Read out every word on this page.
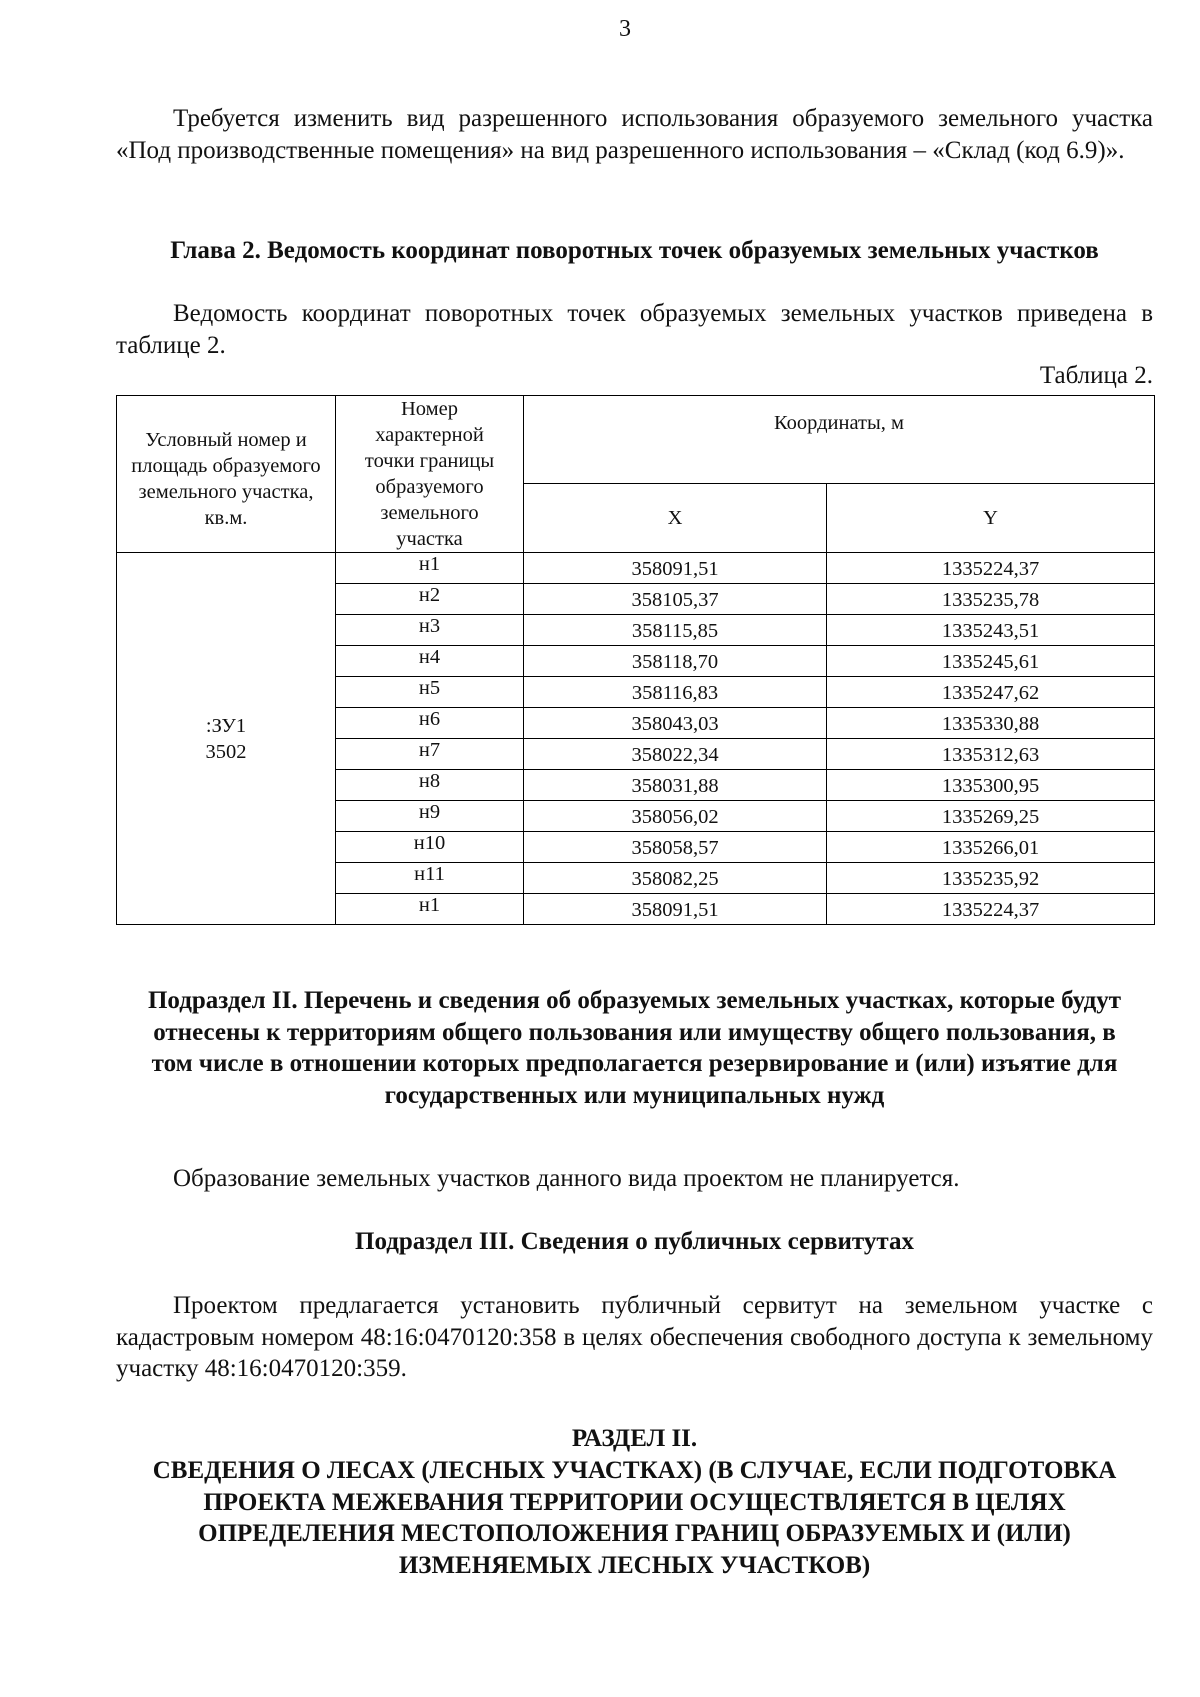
3

Требуется изменить вид разрешенного использования образуемого земельного участка «Под производственные помещения» на вид разрешенного использования – «Склад (код 6.9)».

Глава 2. Ведомость координат поворотных точек образуемых земельных участков

Ведомость координат поворотных точек образуемых земельных участков приведена в таблице 2.

Таблица 2.
Условный номер и площадь образуемого земельного участка, кв.м.	Номер характерной точки границы образуемого земельного участка	Координаты, м	
		X	Y

:ЗУ1
3502	н1	358091,51	1335224,37
	н2	358105,37	1335235,78
	н3	358115,85	1335243,51
	н4	358118,70	1335245,61
	н5	358116,83	1335247,62
	н6	358043,03	1335330,88
	н7	358022,34	1335312,63
	н8	358031,88	1335300,95
	н9	358056,02	1335269,25
	н10	358058,57	1335266,01
	н11	358082,25	1335235,92
	н1	358091,51	1335224,37

Подраздел II. Перечень и сведения об образуемых земельных участках, которые будут отнесены к территориям общего пользования или имуществу общего пользования, в том числе в отношении которых предполагается резервирование и (или) изъятие для государственных или муниципальных нужд

Образование земельных участков данного вида проектом не планируется.

Подраздел III. Сведения о публичных сервитутах

Проектом предлагается установить публичный сервитут на земельном участке с кадастровым номером 48:16:0470120:358 в целях обеспечения свободного доступа к земельному участку 48:16:0470120:359.

РАЗДЕЛ II.

СВЕДЕНИЯ О ЛЕСАХ (ЛЕСНЫХ УЧАСТКАХ) (В СЛУЧАЕ, ЕСЛИ ПОДГОТОВКА ПРОЕКТА МЕЖЕВАНИЯ ТЕРРИТОРИИ ОСУЩЕСТВЛЯЕТСЯ В ЦЕЛЯХ ОПРЕДЕЛЕНИЯ МЕСТОПОЛОЖЕНИЯ ГРАНИЦ ОБРАЗУЕМЫХ И (ИЛИ) ИЗМЕНЯЕМЫХ ЛЕСНЫХ УЧАСТКОВ)
